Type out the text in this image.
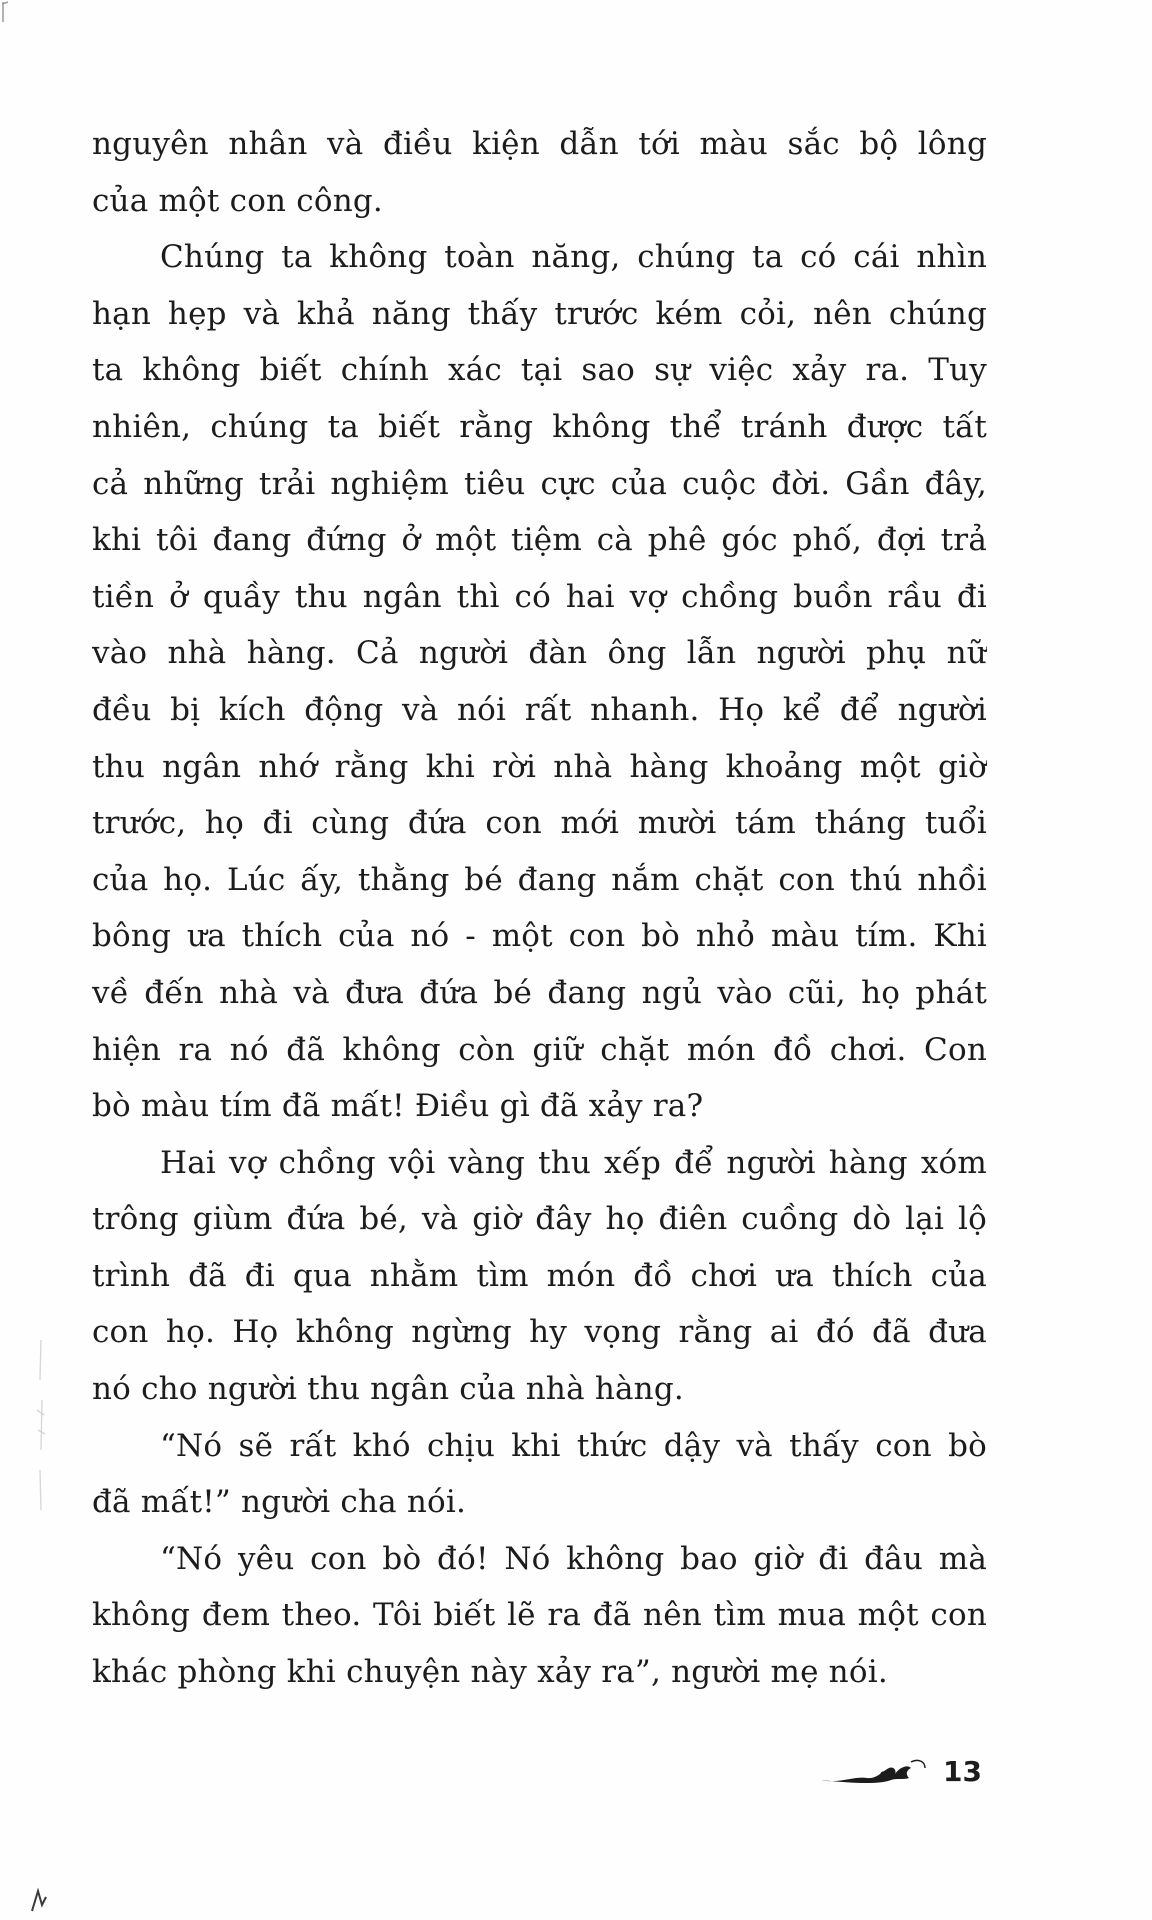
nguyên nhân và điều kiện dẫn tới màu sắc bộ lông
của một con công.
Chúng ta không toàn năng, chúng ta có cái nhìn
hạn hẹp và khả năng thấy trước kém cỏi, nên chúng
ta không biết chính xác tại sao sự việc xảy ra. Tuy
nhiên, chúng ta biết rằng không thể tránh được tất
cả những trải nghiệm tiêu cực của cuộc đời. Gần đây,
khi tôi đang đứng ở một tiệm cà phê góc phố, đợi trả
tiền ở quầy thu ngân thì có hai vợ chồng buồn rầu đi
vào nhà hàng. Cả người đàn ông lẫn người phụ nữ
đều bị kích động và nói rất nhanh. Họ kể để người
thu ngân nhớ rằng khi rời nhà hàng khoảng một giờ
trước, họ đi cùng đứa con mới mười tám tháng tuổi
của họ. Lúc ấy, thằng bé đang nắm chặt con thú nhồi
bông ưa thích của nó - một con bò nhỏ màu tím. Khi
về đến nhà và đưa đứa bé đang ngủ vào cũi, họ phát
hiện ra nó đã không còn giữ chặt món đồ chơi. Con
bò màu tím đã mất! Điều gì đã xảy ra?
Hai vợ chồng vội vàng thu xếp để người hàng xóm
trông giùm đứa bé, và giờ đây họ điên cuồng dò lại lộ
trình đã đi qua nhằm tìm món đồ chơi ưa thích của
con họ. Họ không ngừng hy vọng rằng ai đó đã đưa
nó cho người thu ngân của nhà hàng.
“Nó sẽ rất khó chịu khi thức dậy và thấy con bò
đã mất!” người cha nói.
“Nó yêu con bò đó! Nó không bao giờ đi đâu mà
không đem theo. Tôi biết lẽ ra đã nên tìm mua một con
khác phòng khi chuyện này xảy ra”, người mẹ nói.
13
